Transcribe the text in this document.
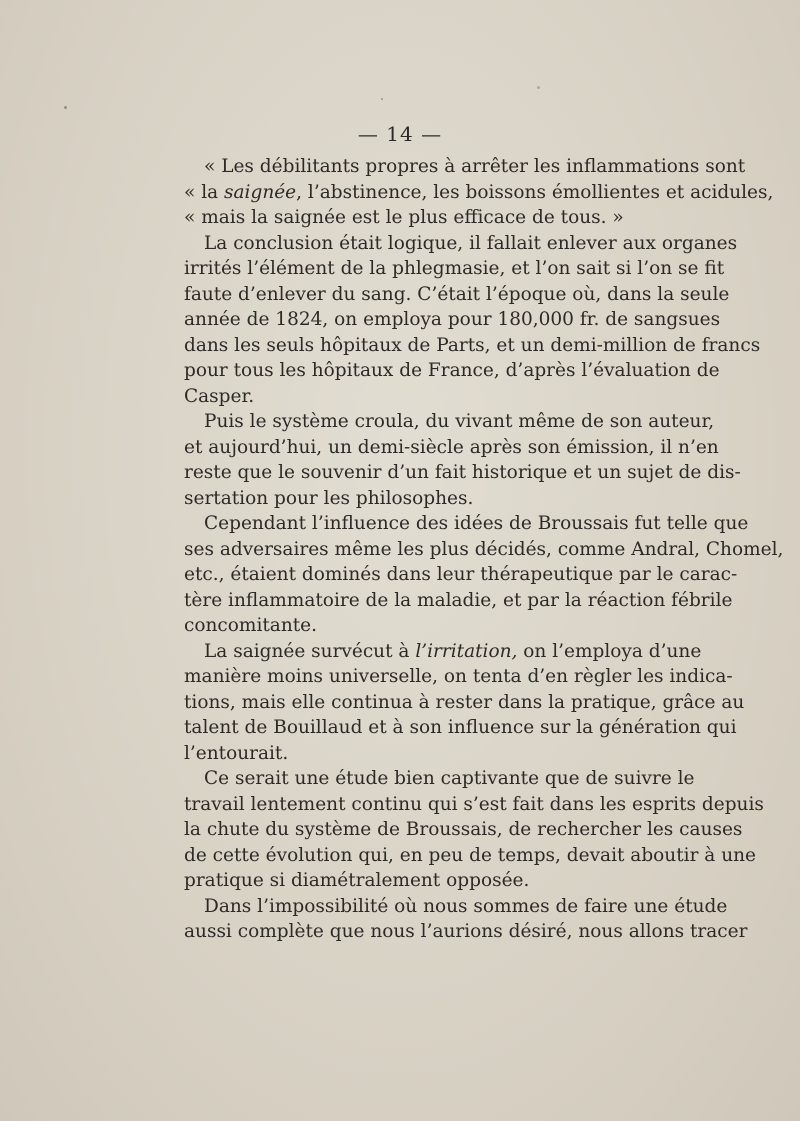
— 14 —
« Les débilitants propres à arrêter les inflammations sont
« la saignée, l’abstinence, les boissons émollientes et acidules,
« mais la saignée est le plus efficace de tous. »
La conclusion était logique, il fallait enlever aux organes
irrités l’élément de la phlegmasie, et l’on sait si l’on se fit
faute d’enlever du sang. C’était l’époque où, dans la seule
année de 1824, on employa pour 180,000 fr. de sangsues
dans les seuls hôpitaux de Parts, et un demi-million de francs
pour tous les hôpitaux de France, d’après l’évaluation de
Casper.
Puis le système croula, du vivant même de son auteur,
et aujourd’hui, un demi-siècle après son émission, il n’en
reste que le souvenir d’un fait historique et un sujet de dis-
sertation pour les philosophes.
Cependant l’influence des idées de Broussais fut telle que
ses adversaires même les plus décidés, comme Andral, Chomel,
etc., étaient dominés dans leur thérapeutique par le carac-
tère inflammatoire de la maladie, et par la réaction fébrile
concomitante.
La saignée survécut à l’irritation, on l’employa d’une
manière moins universelle, on tenta d’en règler les indica-
tions, mais elle continua à rester dans la pratique, grâce au
talent de Bouillaud et à son influence sur la génération qui
l’entourait.
Ce serait une étude bien captivante que de suivre le
travail lentement continu qui s’est fait dans les esprits depuis
la chute du système de Broussais, de rechercher les causes
de cette évolution qui, en peu de temps, devait aboutir à une
pratique si diamétralement opposée.
Dans l’impossibilité où nous sommes de faire une étude
aussi complète que nous l’aurions désiré, nous allons tracer
